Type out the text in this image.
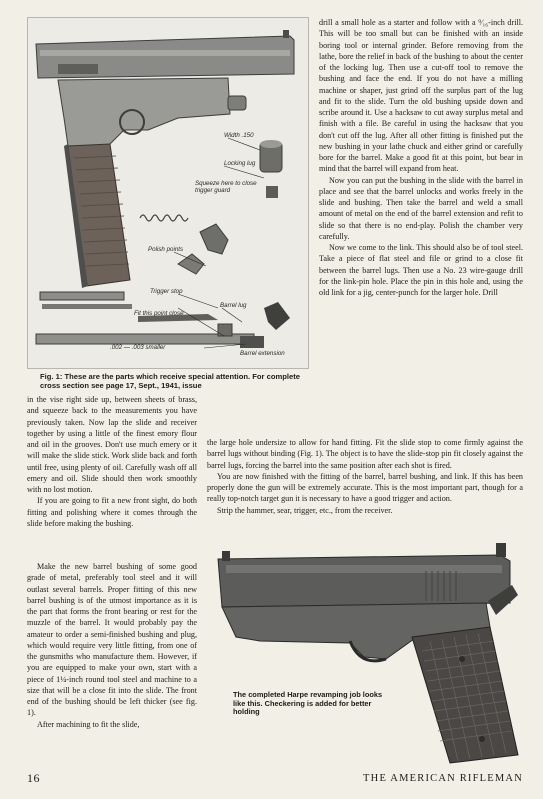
Width .150
Locking lug
Squeeze here to close trigger guard
Polish points
Trigger stop
Barrel lug
Fit this point close
.002 — .003 smaller
Barrel extension
Fig. 1: These are the parts which receive special attention. For complete cross section see page 17, Sept., 1941, issue

in the vise right side up, between sheets of brass, and squeeze back to the measurements you have previously taken. Now lap the slide and receiver together by using a little of the finest emory flour and oil in the grooves. Don't use much emery or it will make the slide stick. Work slide back and forth until free, using plenty of oil. Carefully wash off all emery and oil. Slide should then work smoothly with no lost motion.

If you are going to fit a new front sight, do both fitting and polishing where it comes through the slide before making the bushing.

Make the new barrel bushing of some good grade of metal, preferably tool steel and it will outlast several barrels. Proper fitting of this new barrel bushing is of the utmost importance as it is the part that forms the front bearing or rest for the muzzle of the barrel. It would probably pay the amateur to order a semi-finished bushing and plug, which would require very little fitting, from one of the gunsmiths who manufacture them. However, if you are equipped to make your own, start with a piece of 1¼-inch round tool steel and machine to a size that will be a close fit into the slide. The front end of the bushing should be left thicker (see fig. 1).

After machining to fit the slide,

drill a small hole as a starter and follow with a ⁹⁄₁₆-inch drill. This will be too small but can be finished with an inside boring tool or internal grinder. Before removing from the lathe, bore the relief in back of the bushing to about the center of the locking lug. Then use a cut-off tool to remove the bushing and face the end. If you do not have a milling machine or shaper, just grind off the surplus part of the lug and fit to the slide. Turn the old bushing upside down and scribe around it. Use a hacksaw to cut away surplus metal and finish with a file. Be careful in using the hacksaw that you don't cut off the lug. After all other fitting is finished put the new bushing in your lathe chuck and either grind or carefully bore for the barrel. Make a good fit at this point, but bear in mind that the barrel will expand from heat.

Now you can put the bushing in the slide with the barrel in place and see that the barrel unlocks and works freely in the slide and bushing. Then take the barrel and weld a small amount of metal on the end of the barrel extension and refit to slide so that there is no end-play. Polish the chamber very carefully.

Now we come to the link. This should also be of tool steel. Take a piece of flat steel and file or grind to a close fit between the barrel lugs. Then use a No. 23 wire-gauge drill for the link-pin hole. Place the pin in this hole and, using the old link for a jig, center-punch for the larger hole. Drill

the large hole undersize to allow for hand fitting. Fit the slide stop to come firmly against the barrel lugs without binding (Fig. 1). The object is to have the slide-stop pin fit closely against the barrel lugs, forcing the barrel into the same position after each shot is fired.

You are now finished with the fitting of the barrel, barrel bushing, and link. If this has been properly done the gun will be extremely accurate. This is the most important part, though for a really top-notch target gun it is necessary to have a good trigger and action.

Strip the hammer, sear, trigger, etc., from the receiver.

The completed Harpe revamping job looks like this. Checkering is added for better holding
16	THE AMERICAN RIFLEMAN
